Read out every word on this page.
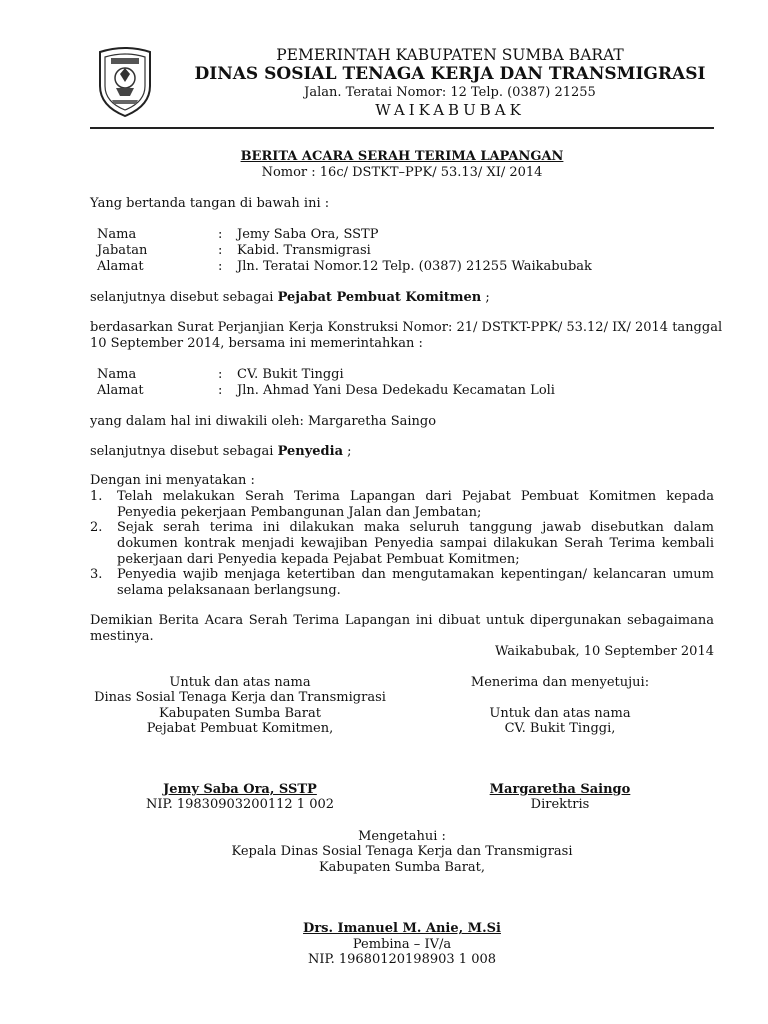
PEMERINTAH KABUPATEN SUMBA BARAT
DINAS SOSIAL TENAGA KERJA DAN TRANSMIGRASI
Jalan. Teratai Nomor: 12 Telp. (0387) 21255
WAIKABUBAK
BERITA ACARA SERAH TERIMA LAPANGAN
Nomor : 16c/ DSTKT–PPK/ 53.13/ XI/ 2014
Yang bertanda tangan di bawah ini :
Nama	: Jemy Saba Ora, SSTP
Jabatan	: Kabid. Transmigrasi
Alamat	: Jln. Teratai Nomor.12 Telp. (0387) 21255 Waikabubak
selanjutnya disebut sebagai Pejabat Pembuat Komitmen ;
berdasarkan Surat Perjanjian Kerja Konstruksi Nomor: 21/ DSTKT-PPK/ 53.12/ IX/ 2014 tanggal
10 September 2014, bersama ini memerintahkan :
Nama	: CV. Bukit Tinggi
Alamat	: Jln. Ahmad Yani Desa Dedekadu Kecamatan Loli
yang dalam hal ini diwakili oleh: Margaretha Saingo
selanjutnya disebut sebagai Penyedia ;
Dengan ini menyatakan :
1. Telah melakukan Serah Terima Lapangan dari Pejabat Pembuat Komitmen kepada Penyedia pekerjaan Pembangunan Jalan dan Jembatan;
2. Sejak serah terima ini dilakukan maka seluruh tanggung jawab disebutkan dalam dokumen kontrak menjadi kewajiban Penyedia sampai dilakukan Serah Terima kembali pekerjaan dari Penyedia kepada Pejabat Pembuat Komitmen;
3. Penyedia wajib menjaga ketertiban dan mengutamakan kepentingan/ kelancaran umum selama pelaksanaan berlangsung.
Demikian Berita Acara Serah Terima Lapangan ini dibuat untuk dipergunakan sebagaimana mestinya.
Waikabubak, 10 September 2014
Untuk dan atas nama
Dinas Sosial Tenaga Kerja dan Transmigrasi
Kabupaten Sumba Barat
Pejabat Pembuat Komitmen,
Jemy Saba Ora, SSTP
NIP. 19830903200112 1 002
Menerima dan menyetujui:
Untuk dan atas nama
CV. Bukit Tinggi,
Margaretha Saingo
Direktris
Mengetahui :
Kepala Dinas Sosial Tenaga Kerja dan Transmigrasi
Kabupaten Sumba Barat,
Drs. Imanuel M. Anie, M.Si
Pembina – IV/a
NIP. 19680120198903 1 008
